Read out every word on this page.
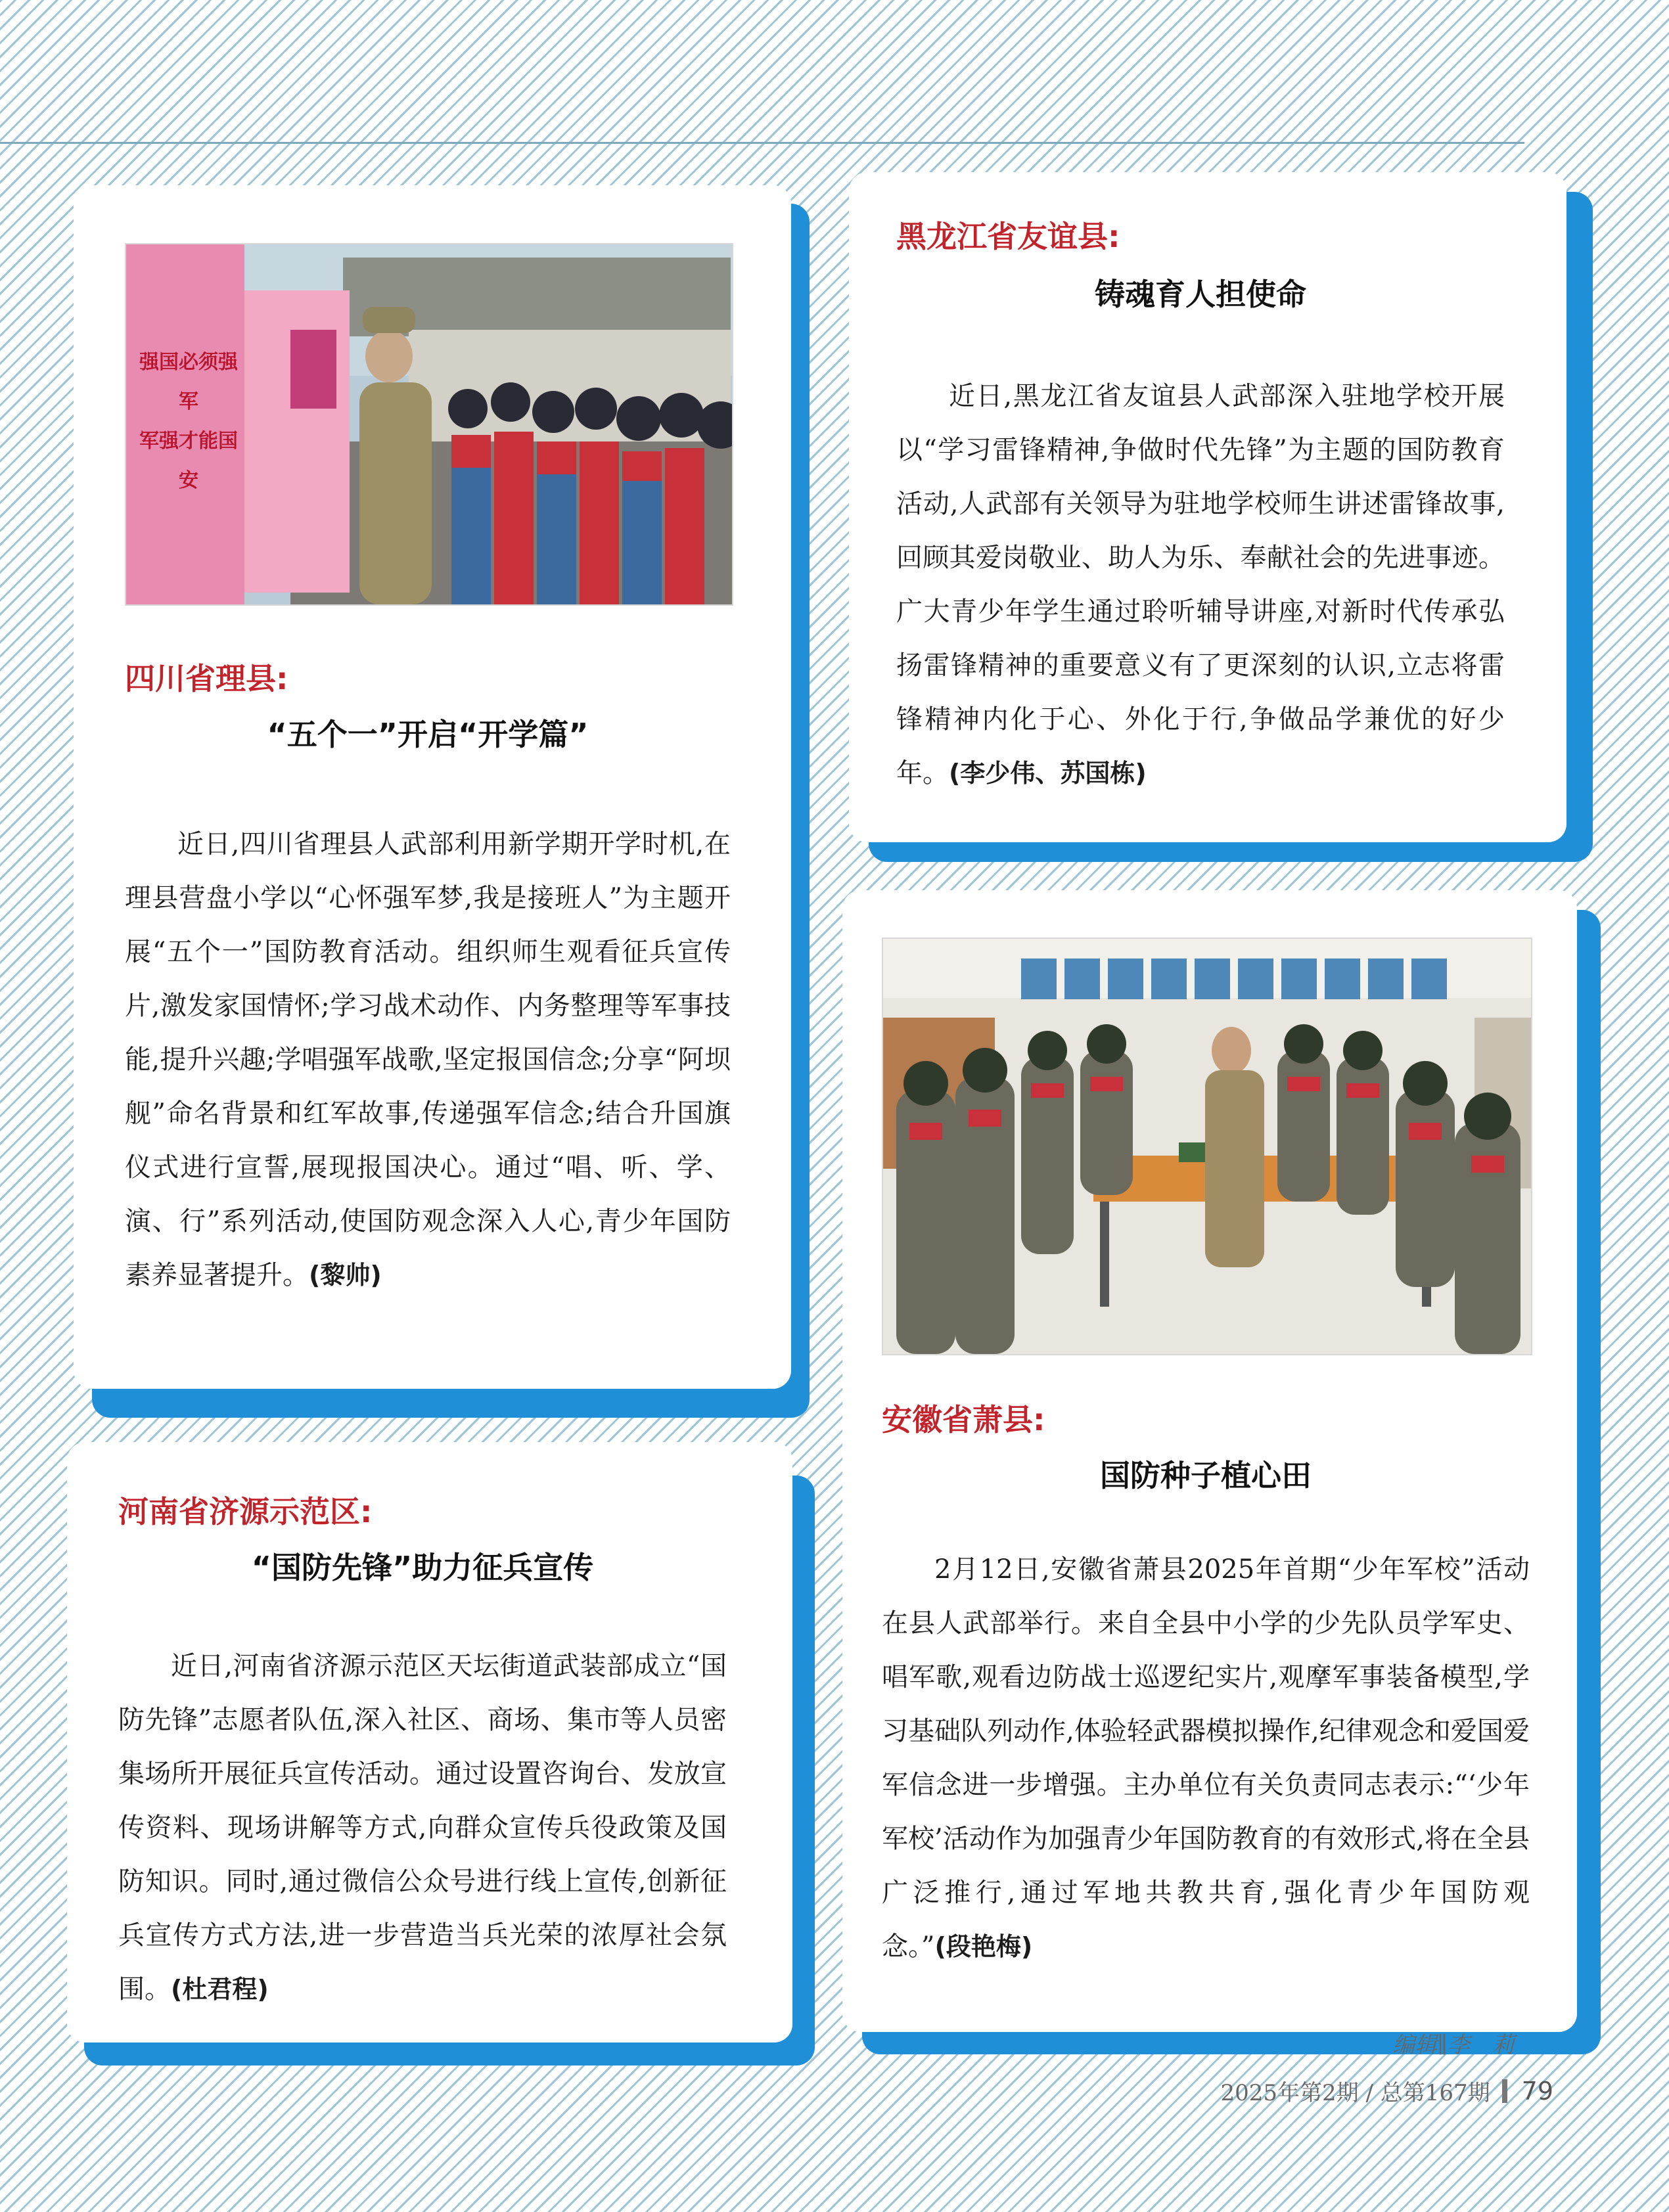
强国必须强军
军强才能国安
四川省理县:
“五个一”开启“开学篇”

近日,四川省理县人武部利用新学期开学时机,在理县营盘小学以“心怀强军梦,我是接班人”为主题开展“五个一”国防教育活动。组织师生观看征兵宣传片,激发家国情怀;学习战术动作、内务整理等军事技能,提升兴趣;学唱强军战歌,坚定报国信念;分享“阿坝舰”命名背景和红军故事,传递强军信念;结合升国旗仪式进行宣誓,展现报国决心。通过“唱、听、学、演、行”系列活动,使国防观念深入人心,青少年国防素养显著提升。(黎帅)

黑龙江省友谊县:
铸魂育人担使命

近日,黑龙江省友谊县人武部深入驻地学校开展以“学习雷锋精神,争做时代先锋”为主题的国防教育活动,人武部有关领导为驻地学校师生讲述雷锋故事,回顾其爱岗敬业、助人为乐、奉献社会的先进事迹。广大青少年学生通过聆听辅导讲座,对新时代传承弘扬雷锋精神的重要意义有了更深刻的认识,立志将雷锋精神内化于心、外化于行,争做品学兼优的好少年。(李少伟、苏国栋)

安徽省萧县:
国防种子植心田

2月12日,安徽省萧县2025年首期“少年军校”活动在县人武部举行。来自全县中小学的少先队员学军史、唱军歌,观看边防战士巡逻纪实片,观摩军事装备模型,学习基础队列动作,体验轻武器模拟操作,纪律观念和爱国爱军信念进一步增强。主办单位有关负责同志表示:“‘少年军校’活动作为加强青少年国防教育的有效形式,将在全县广泛推行,通过军地共教共育,强化青少年国防观念。”(段艳梅)

河南省济源示范区:
“国防先锋”助力征兵宣传

近日,河南省济源示范区天坛街道武装部成立“国防先锋”志愿者队伍,深入社区、商场、集市等人员密集场所开展征兵宣传活动。通过设置咨询台、发放宣传资料、现场讲解等方式,向群众宣传兵役政策及国防知识。同时,通过微信公众号进行线上宣传,创新征兵宣传方式方法,进一步营造当兵光荣的浓厚社会氛围。(杜君程)

编辑∥李　莉
2025年第2期 / 总第167期 79
